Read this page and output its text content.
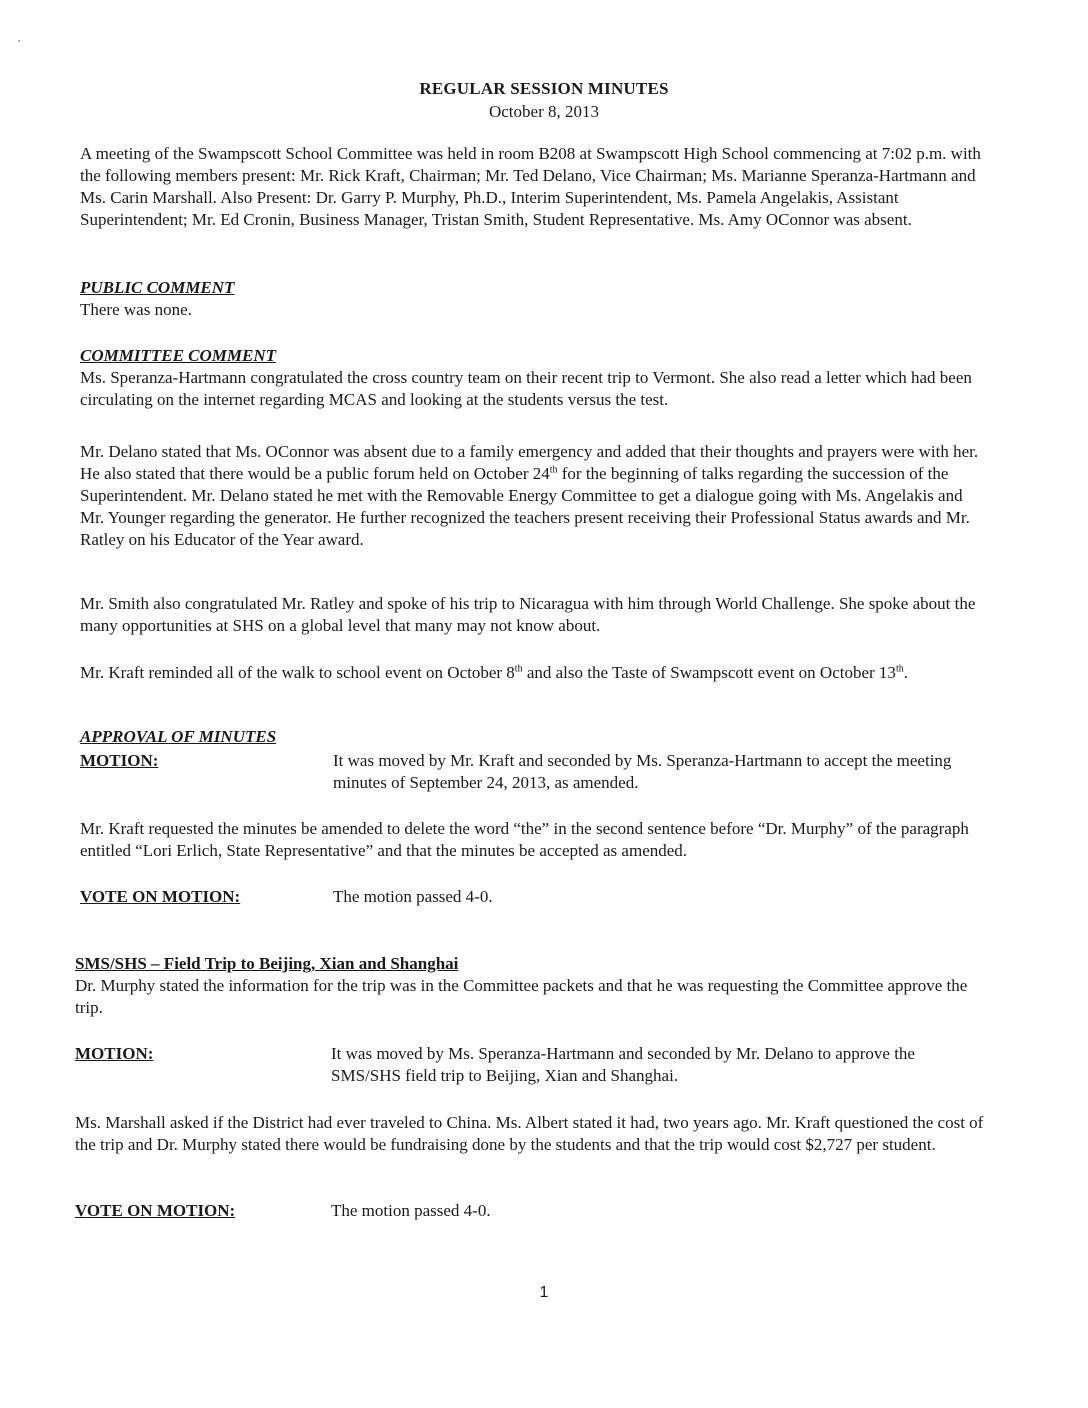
REGULAR SESSION MINUTES
October 8, 2013

A meeting of the Swampscott School Committee was held in room B208 at Swampscott High School commencing at 7:02 p.m. with the following members present: Mr. Rick Kraft, Chairman; Mr. Ted Delano, Vice Chairman; Ms. Marianne Speranza-Hartmann and Ms. Carin Marshall. Also Present: Dr. Garry P. Murphy, Ph.D., Interim Superintendent, Ms. Pamela Angelakis, Assistant Superintendent; Mr. Ed Cronin, Business Manager, Tristan Smith, Student Representative. Ms. Amy OConnor was absent.

PUBLIC COMMENT

There was none.

COMMITTEE COMMENT

Ms. Speranza-Hartmann congratulated the cross country team on their recent trip to Vermont. She also read a letter which had been circulating on the internet regarding MCAS and looking at the students versus the test.

Mr. Delano stated that Ms. OConnor was absent due to a family emergency and added that their thoughts and prayers were with her. He also stated that there would be a public forum held on October 24th for the beginning of talks regarding the succession of the Superintendent. Mr. Delano stated he met with the Removable Energy Committee to get a dialogue going with Ms. Angelakis and Mr. Younger regarding the generator. He further recognized the teachers present receiving their Professional Status awards and Mr. Ratley on his Educator of the Year award.

Mr. Smith also congratulated Mr. Ratley and spoke of his trip to Nicaragua with him through World Challenge. She spoke about the many opportunities at SHS on a global level that many may not know about.

Mr. Kraft reminded all of the walk to school event on October 8th and also the Taste of Swampscott event on October 13th.

APPROVAL OF MINUTES

MOTION:	It was moved by Mr. Kraft and seconded by Ms. Speranza-Hartmann to accept the meeting minutes of September 24, 2013, as amended.

Mr. Kraft requested the minutes be amended to delete the word “the” in the second sentence before “Dr. Murphy” of the paragraph entitled “Lori Erlich, State Representative” and that the minutes be accepted as amended.

VOTE ON MOTION:	The motion passed 4-0.

SMS/SHS – Field Trip to Beijing, Xian and Shanghai

Dr. Murphy stated the information for the trip was in the Committee packets and that he was requesting the Committee approve the trip.

MOTION:	It was moved by Ms. Speranza-Hartmann and seconded by Mr. Delano to approve the SMS/SHS field trip to Beijing, Xian and Shanghai.

Ms. Marshall asked if the District had ever traveled to China. Ms. Albert stated it had, two years ago. Mr. Kraft questioned the cost of the trip and Dr. Murphy stated there would be fundraising done by the students and that the trip would cost $2,727 per student.

VOTE ON MOTION:	The motion passed 4-0.
1
